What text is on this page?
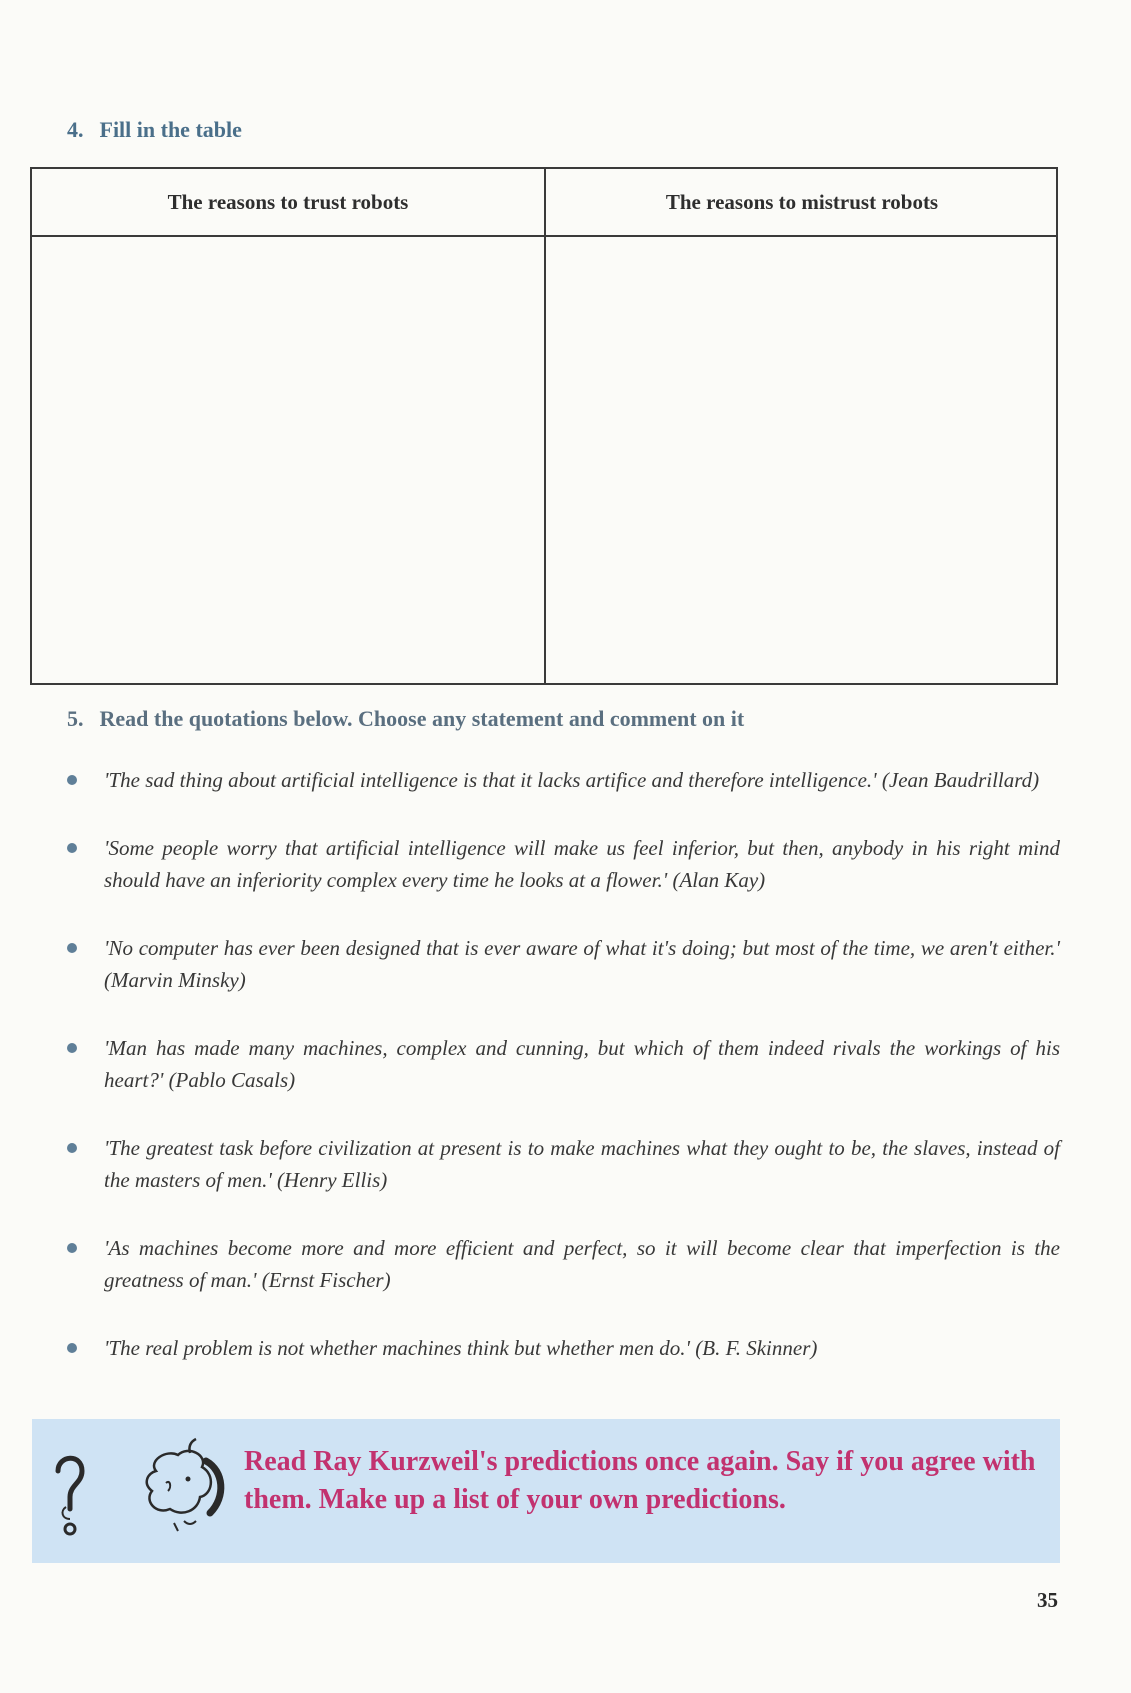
4. Fill in the table
The reasons to trust robots	The reasons to mistrust robots
5. Read the quotations below. Choose any statement and comment on it
'The sad thing about artificial intelligence is that it lacks artifice and therefore intelligence.' (Jean Baudrillard)
'Some people worry that artificial intelligence will make us feel inferior, but then, anybody in his right mind should have an inferiority complex every time he looks at a flower.' (Alan Kay)
'No computer has ever been designed that is ever aware of what it's doing; but most of the time, we aren't either.' (Marvin Minsky)
'Man has made many machines, complex and cunning, but which of them indeed rivals the workings of his heart?' (Pablo Casals)
'The greatest task before civilization at present is to make machines what they ought to be, the slaves, instead of the masters of men.' (Henry Ellis)
'As machines become more and more efficient and perfect, so it will become clear that imperfection is the greatness of man.' (Ernst Fischer)
'The real problem is not whether machines think but whether men do.' (B. F. Skinner)
Read Ray Kurzweil's predictions once again. Say if you agree with them. Make up a list of your own predictions.
35
